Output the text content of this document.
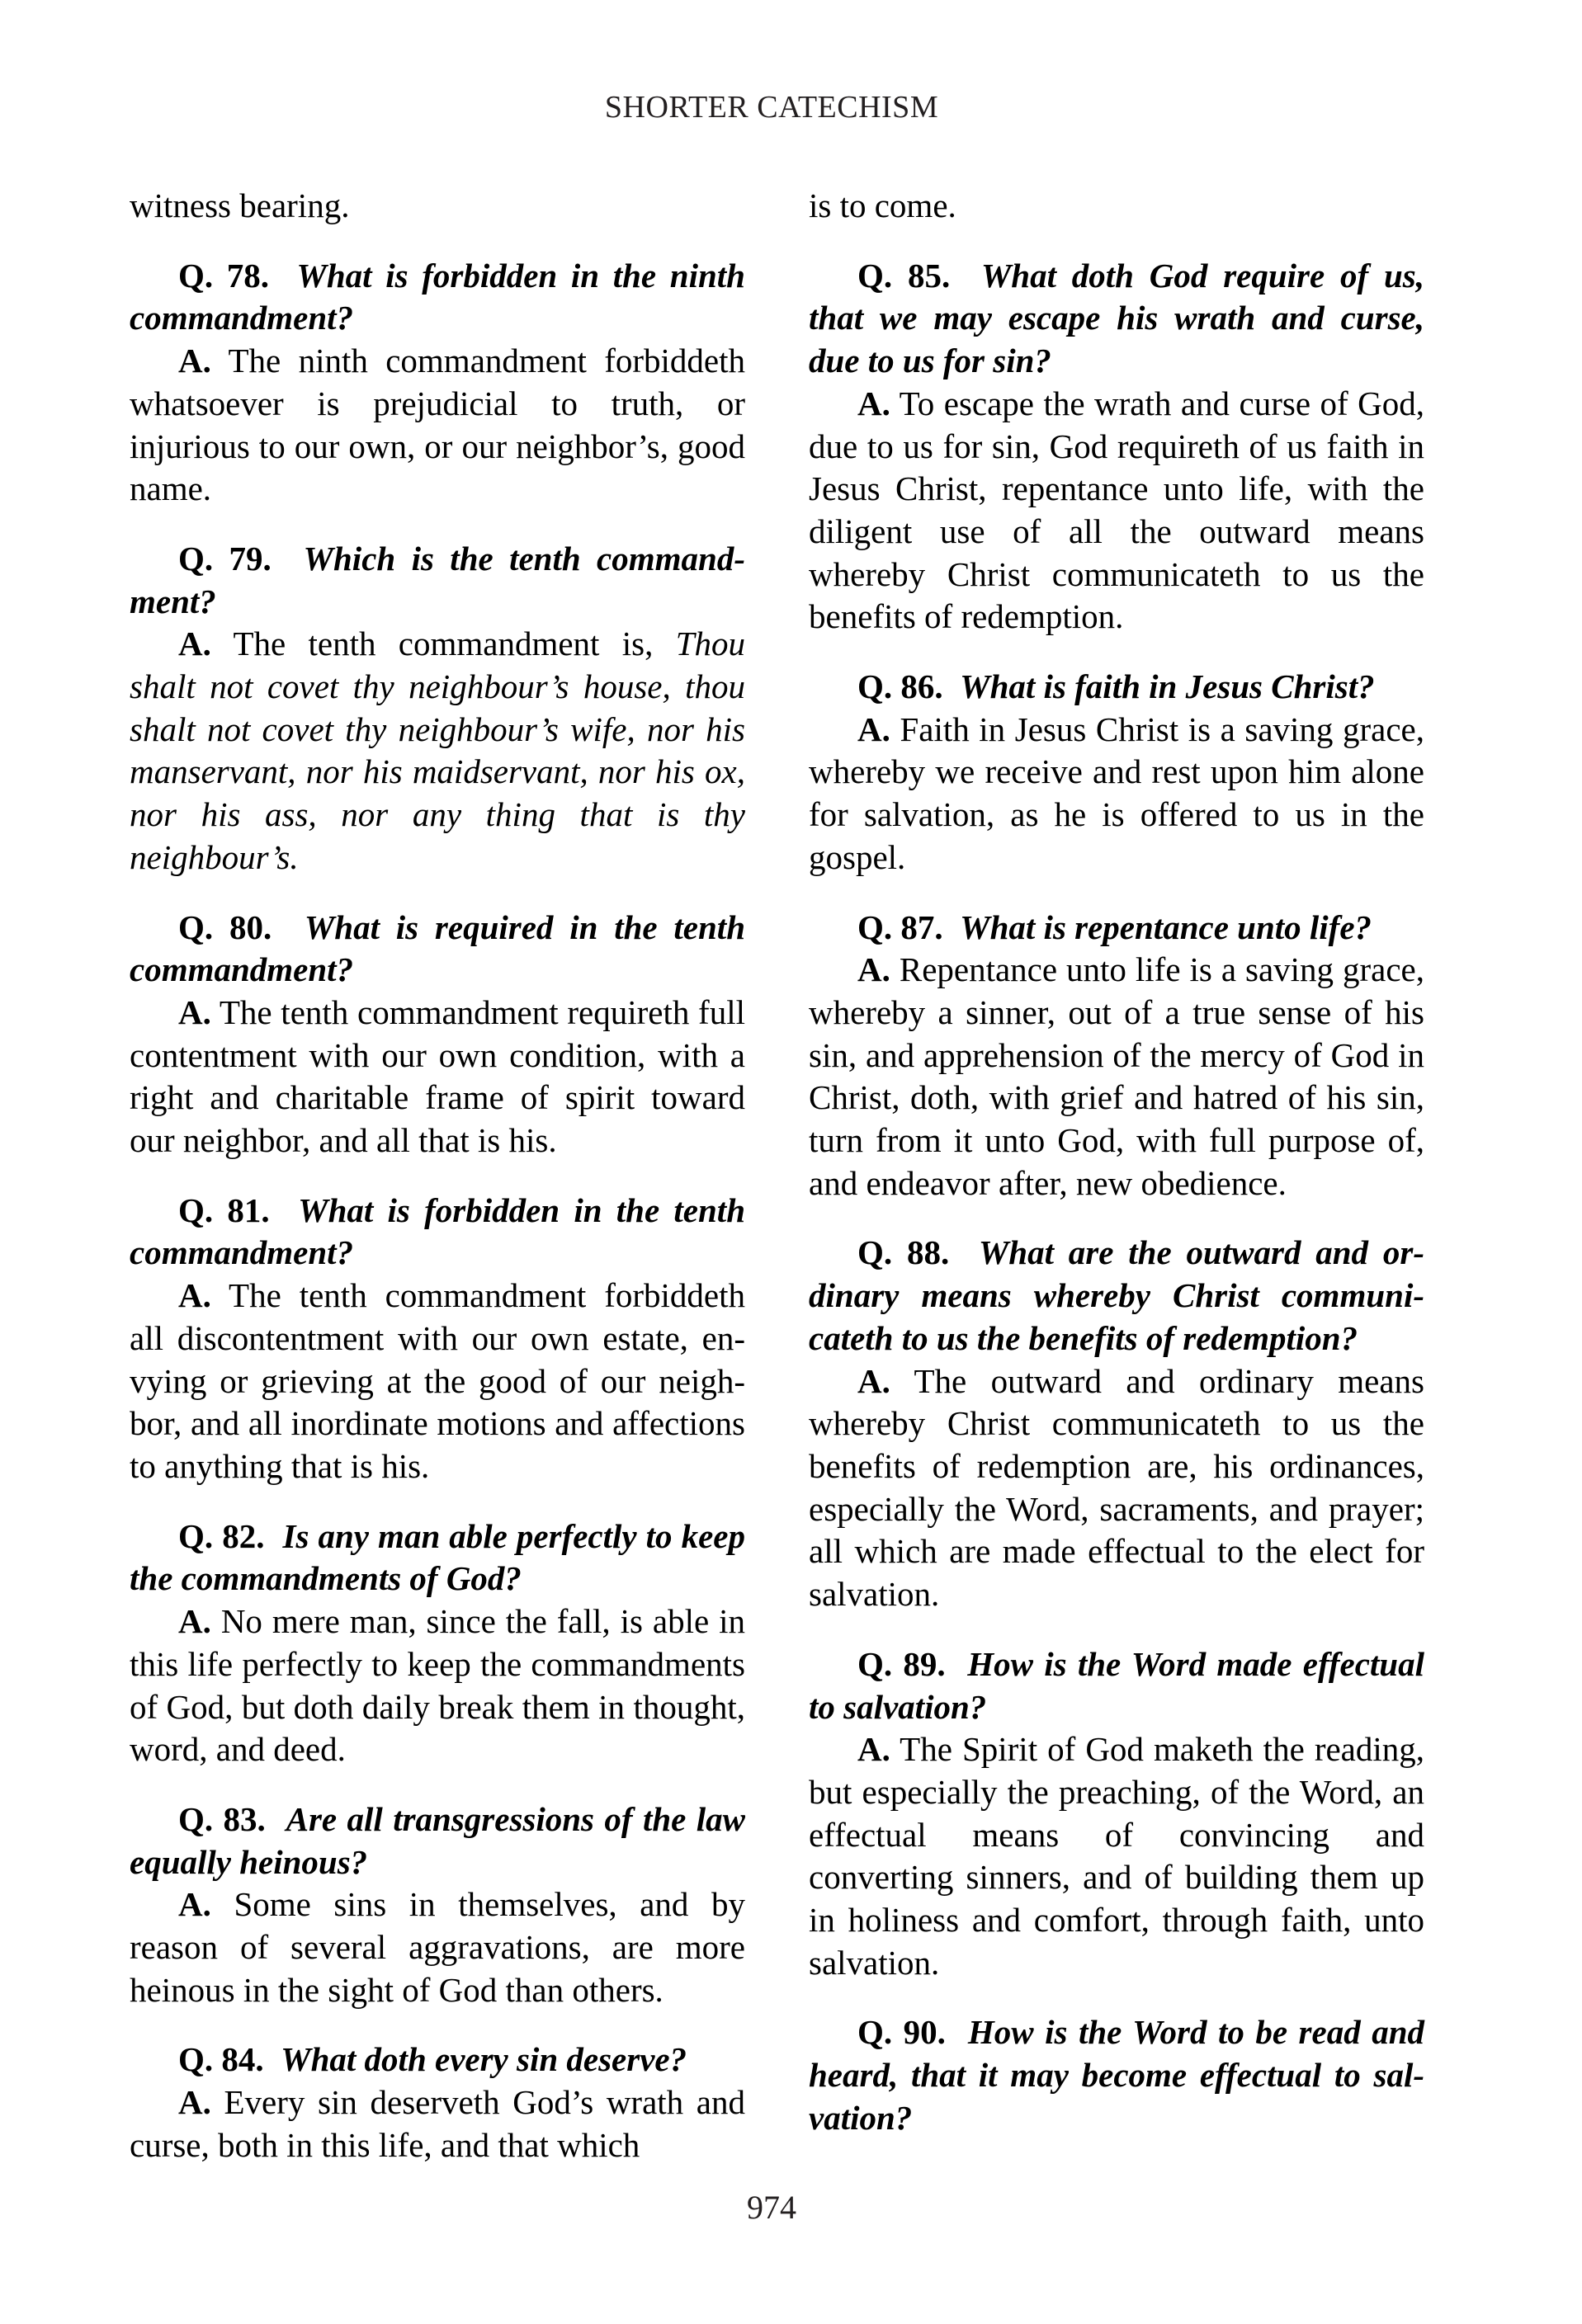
SHORTER CATECHISM

witness bearing.

Q. 78. What is forbidden in the ninth commandment?

A. The ninth commandment forbiddeth whatsoever is prejudicial to truth, or injurious to our own, or our neighbor’s, good name.

Q. 79. Which is the tenth commandment?

A. The tenth commandment is, Thou shalt not covet thy neighbour’s house, thou shalt not covet thy neighbour’s wife, nor his manservant, nor his maidservant, nor his ox, nor his ass, nor any thing that is thy neighbour’s.

Q. 80. What is required in the tenth commandment?

A. The tenth commandment requireth full contentment with our own condition, with a right and charitable frame of spirit toward our neighbor, and all that is his.

Q. 81. What is forbidden in the tenth commandment?

A. The tenth commandment forbiddeth all discontentment with our own estate, envying or grieving at the good of our neighbor, and all inordinate motions and affections to anything that is his.

Q. 82. Is any man able perfectly to keep the commandments of God?

A. No mere man, since the fall, is able in this life perfectly to keep the commandments of God, but doth daily break them in thought, word, and deed.

Q. 83. Are all transgressions of the law equally heinous?

A. Some sins in themselves, and by reason of several aggravations, are more heinous in the sight of God than others.

Q. 84. What doth every sin deserve?

A. Every sin deserveth God’s wrath and curse, both in this life, and that which

is to come.

Q. 85. What doth God require of us, that we may escape his wrath and curse, due to us for sin?

A. To escape the wrath and curse of God, due to us for sin, God requireth of us faith in Jesus Christ, repentance unto life, with the diligent use of all the outward means whereby Christ communicateth to us the benefits of redemption.

Q. 86. What is faith in Jesus Christ?

A. Faith in Jesus Christ is a saving grace, whereby we receive and rest upon him alone for salvation, as he is offered to us in the gospel.

Q. 87. What is repentance unto life?

A. Repentance unto life is a saving grace, whereby a sinner, out of a true sense of his sin, and apprehension of the mercy of God in Christ, doth, with grief and hatred of his sin, turn from it unto God, with full purpose of, and endeavor after, new obedience.

Q. 88. What are the outward and ordinary means whereby Christ communicateth to us the benefits of redemption?

A. The outward and ordinary means whereby Christ communicateth to us the benefits of redemption are, his ordinances, especially the Word, sacraments, and prayer; all which are made effectual to the elect for salvation.

Q. 89. How is the Word made effectual to salvation?

A. The Spirit of God maketh the reading, but especially the preaching, of the Word, an effectual means of convincing and converting sinners, and of building them up in holiness and comfort, through faith, unto salvation.

Q. 90. How is the Word to be read and heard, that it may become effectual to salvation?

974
